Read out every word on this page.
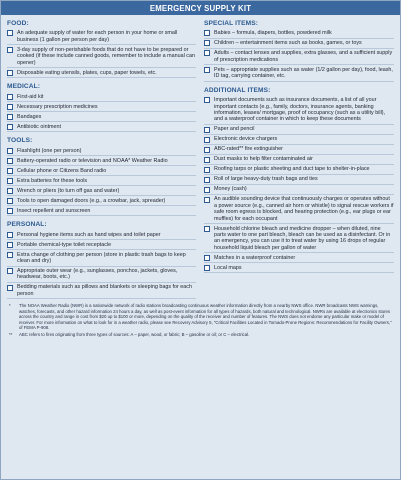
EMERGENCY SUPPLY KIT
FOOD:
An adequate supply of water for each person in your home or small business (1 gallon per person per day)
3-day supply of non-perishable foods that do not have to be prepared or cooked (if these include canned goods, remember to include a manual can opener)
Disposable eating utensils, plates, cups, paper towels, etc.
MEDICAL:
First-aid kit
Necessary prescription medicines
Bandages
Antibiotic ointment
TOOLS:
Flashlight (one per person)
Battery-operated radio or television and NOAA* Weather Radio
Cellular phone or Citizens Band radio
Extra batteries for these tools
Wrench or pliers (to turn off gas and water)
Tools to open damaged doors (e.g., a crowbar, jack, spreader)
Insect repellent and sunscreen
PERSONAL:
Personal hygiene items such as hand wipes and toilet paper
Portable chemical-type toilet receptacle
Extra change of clothing per person (store in plastic trash bags to keep clean and dry)
Appropriate outer wear (e.g., sunglasses, ponchos, jackets, gloves, headwear, boots, etc.)
Bedding materials such as pillows and blankets or sleeping bags for each person
SPECIAL ITEMS:
Babies – formula, diapers, bottles, powdered milk
Children – entertainment items such as books, games, or toys
Adults – contact lenses and supplies, extra glasses, and a sufficient supply of prescription medications
Pets – appropriate supplies such as water (1/2 gallon per day), food, leash, ID tag, carrying container, etc.
ADDITIONAL ITEMS:
Important documents such as insurance documents, a list of all your important contacts (e.g., family, doctors, insurance agents, banking information, leases/ mortgage, proof of occupancy (such as a utility bill), and a waterproof container in which to keep these documents
Paper and pencil
Electronic device chargers
ABC-rated** fire extinguisher
Dust masks to help filter contaminated air
Roofing tarps or plastic sheeting and duct tape to shelter-in-place
Roll of large heavy-duty trash bags and ties
Money (cash)
An audible sounding device that continuously charges or operates without a power source (e.g., canned air horn or whistle) to signal rescue workers if safe room egress is blocked, and hearing protection (e.g., ear plugs or ear muffles) for each occupant
Household chlorine bleach and medicine dropper – when diluted, nine parts water to one part bleach, bleach can be used as a disinfectant. Or in an emergency, you can use it to treat water by using 16 drops of regular household liquid bleach per gallon of water
Matches in a waterproof container
Local maps
*	The NOAA Weather Radio (NWR) is a nationwide network of radio stations broadcasting continuous weather information directly from a nearby NWS office. NWR broadcasts NWS warnings, watches, forecasts, and other hazard information 24 hours a day, as well as post-event information for all types of hazards, both natural and technological. NWRs are available at electronics stores across the country and range in cost from $20 up to $100 or more, depending on the quality of the receiver and number of features. The NWS does not endorse any particular make or model of receiver. For more information on what to look for in a weather radio, please see Recovery Advisory 5, "Critical Facilities Located in Tornado-Prone Regions: Recommendations for Facility Owners," of FEMA P-908.
**	ABC refers to fires originating from three types of sources: A – paper, wood, or fabric; B – gasoline or oil; or C – electrical.
